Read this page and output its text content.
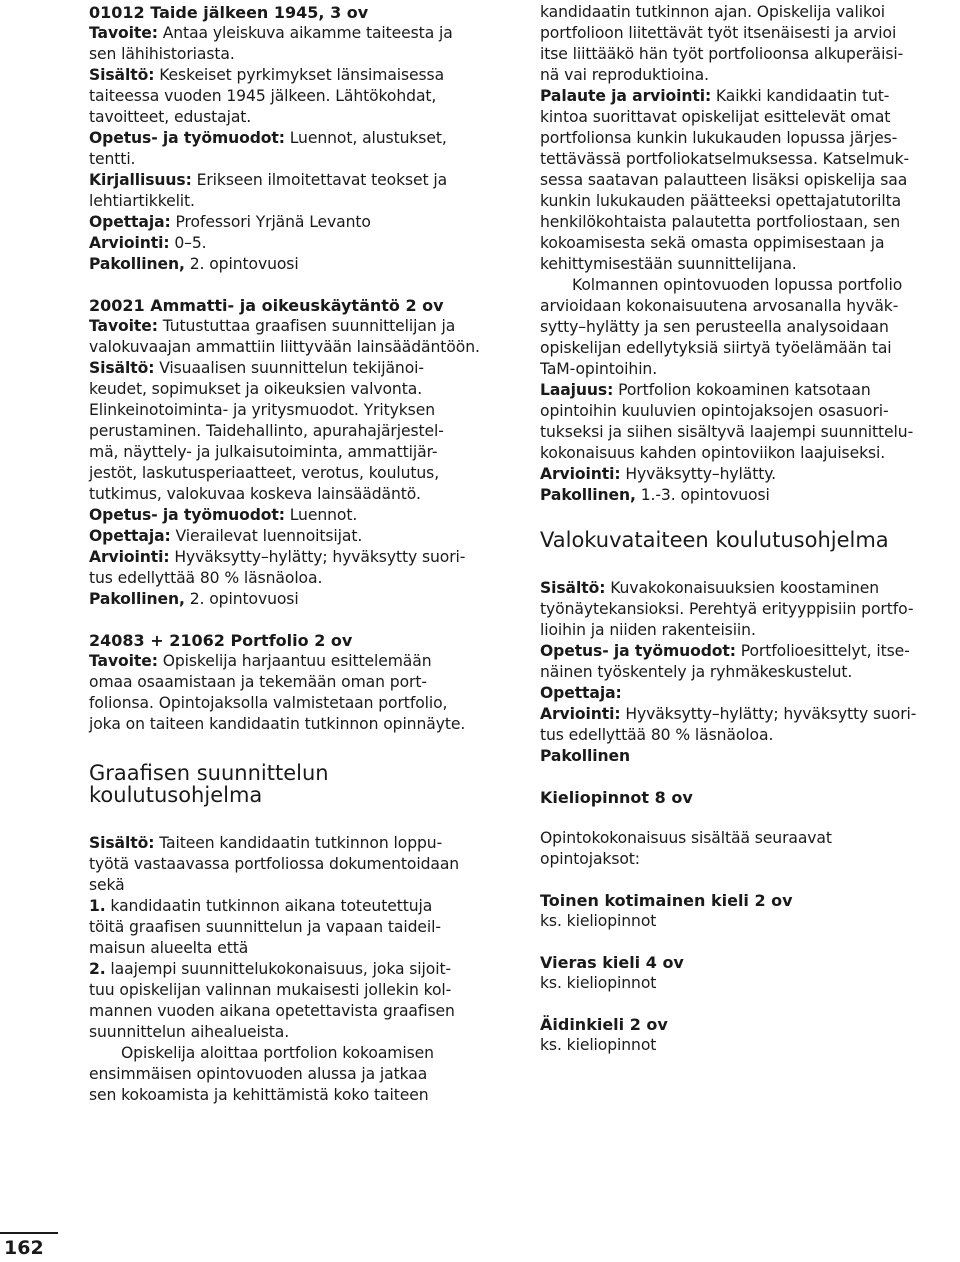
01012 Taide jälkeen 1945, 3 ov
Tavoite: Antaa yleiskuva aikamme taiteesta ja
sen lähihistoriasta.
Sisältö: Keskeiset pyrkimykset länsimaisessa
taiteessa vuoden 1945 jälkeen. Lähtökohdat,
tavoitteet, edustajat.
Opetus- ja työmuodot: Luennot, alustukset,
tentti.
Kirjallisuus: Erikseen ilmoitettavat teokset ja
lehtiartikkelit.
Opettaja: Professori Yrjänä Levanto
Arviointi: 0–5.
Pakollinen, 2. opintovuosi
20021 Ammatti- ja oikeuskäytäntö 2 ov
Tavoite: Tutustuttaa graafisen suunnittelijan ja
valokuvaajan ammattiin liittyvään lainsäädäntöön.
Sisältö: Visuaalisen suunnittelun tekijänoi-
keudet, sopimukset ja oikeuksien valvonta.
Elinkeinotoiminta- ja yritysmuodot. Yrityksen
perustaminen. Taidehallinto, apurahajärjestel-
mä, näyttely- ja julkaisutoiminta, ammattijär-
jestöt, laskutusperiaatteet, verotus, koulutus,
tutkimus, valokuvaa koskeva lainsäädäntö.
Opetus- ja työmuodot: Luennot.
Opettaja: Vierailevat luennoitsijat.
Arviointi: Hyväksytty–hylätty; hyväksytty suori-
tus edellyttää 80 % läsnäoloa.
Pakollinen, 2. opintovuosi
24083 + 21062 Portfolio 2 ov
Tavoite: Opiskelija harjaantuu esittelemään
omaa osaamistaan ja tekemään oman port-
folionsa. Opintojaksolla valmistetaan portfolio,
joka on taiteen kandidaatin tutkinnon opinnäyte.
Graafisen suunnittelun
koulutusohjelma
Sisältö: Taiteen kandidaatin tutkinnon loppu-
työtä vastaavassa portfoliossa dokumentoidaan
sekä
1. kandidaatin tutkinnon aikana toteutettuja
töitä graafisen suunnittelun ja vapaan taideil-
maisun alueelta että
2. laajempi suunnittelukokonaisuus, joka sijoit-
tuu opiskelijan valinnan mukaisesti jollekin kol-
mannen vuoden aikana opetettavista graafisen
suunnittelun aihealueista.
Opiskelija aloittaa portfolion kokoamisen
ensimmäisen opintovuoden alussa ja jatkaa
sen kokoamista ja kehittämistä koko taiteen
kandidaatin tutkinnon ajan. Opiskelija valikoi
portfolioon liitettävät työt itsenäisesti ja arvioi
itse liittääkö hän työt portfolioonsa alkuperäisi-
nä vai reproduktioina.
Palaute ja arviointi: Kaikki kandidaatin tut-
kintoa suorittavat opiskelijat esittelevät omat
portfolionsa kunkin lukukauden lopussa järjes-
tettävässä portfoliokatselmuksessa. Katselmuk-
sessa saatavan palautteen lisäksi opiskelija saa
kunkin lukukauden päätteeksi opettajatutorilta
henkilökohtaista palautetta portfoliostaan, sen
kokoamisesta sekä omasta oppimisestaan ja
kehittymisestään suunnittelijana.
Kolmannen opintovuoden lopussa portfolio
arvioidaan kokonaisuutena arvosanalla hyväk-
sytty–hylätty ja sen perusteella analysoidaan
opiskelijan edellytyksiä siirtyä työelämään tai
TaM-opintoihin.
Laajuus: Portfolion kokoaminen katsotaan
opintoihin kuuluvien opintojaksojen osasuori-
tukseksi ja siihen sisältyvä laajempi suunnittelu-
kokonaisuus kahden opintoviikon laajuiseksi.
Arviointi: Hyväksytty–hylätty.
Pakollinen, 1.-3. opintovuosi
Valokuvataiteen koulutusohjelma
Sisältö: Kuvakokonaisuuksien koostaminen
työnäytekansioksi. Perehtyä erityyppisiin portfo-
lioihin ja niiden rakenteisiin.
Opetus- ja työmuodot: Portfolioesittelyt, itse-
näinen työskentely ja ryhmäkeskustelut.
Opettaja:
Arviointi: Hyväksytty–hylätty; hyväksytty suori-
tus edellyttää 80 % läsnäoloa.
Pakollinen
Kieliopinnot 8 ov
Opintokokonaisuus sisältää seuraavat
opintojaksot:
Toinen kotimainen kieli 2 ov
ks. kieliopinnot
Vieras kieli 4 ov
ks. kieliopinnot
Äidinkieli 2 ov
ks. kieliopinnot
162
